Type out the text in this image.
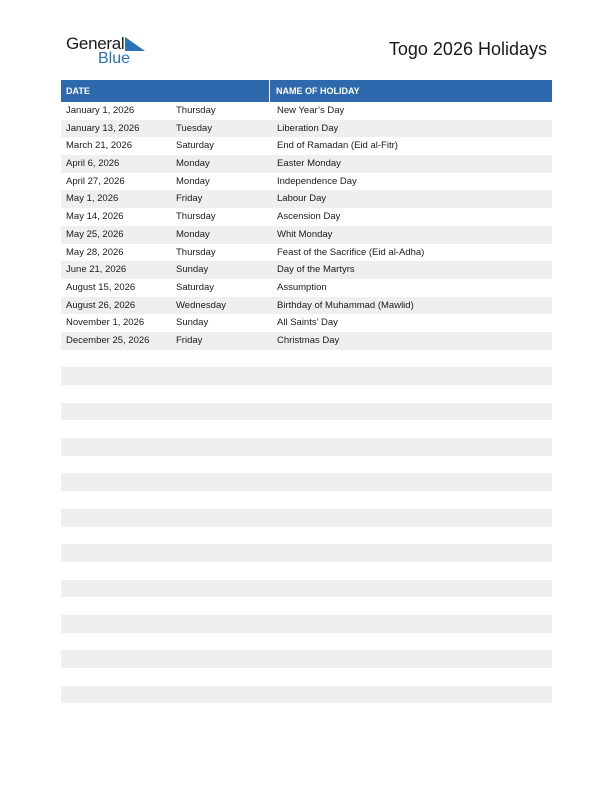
General
Blue	Togo 2026 Holidays
DATE	NAME OF HOLIDAY
January 1, 2026	Thursday	New Year’s Day
January 13, 2026	Tuesday	Liberation Day
March 21, 2026	Saturday	End of Ramadan (Eid al-Fitr)
April 6, 2026	Monday	Easter Monday
April 27, 2026	Monday	Independence Day
May 1, 2026	Friday	Labour Day
May 14, 2026	Thursday	Ascension Day
May 25, 2026	Monday	Whit Monday
May 28, 2026	Thursday	Feast of the Sacrifice (Eid al-Adha)
June 21, 2026	Sunday	Day of the Martyrs
August 15, 2026	Saturday	Assumption
August 26, 2026	Wednesday	Birthday of Muhammad (Mawlid)
November 1, 2026	Sunday	All Saints’ Day
December 25, 2026	Friday	Christmas Day
